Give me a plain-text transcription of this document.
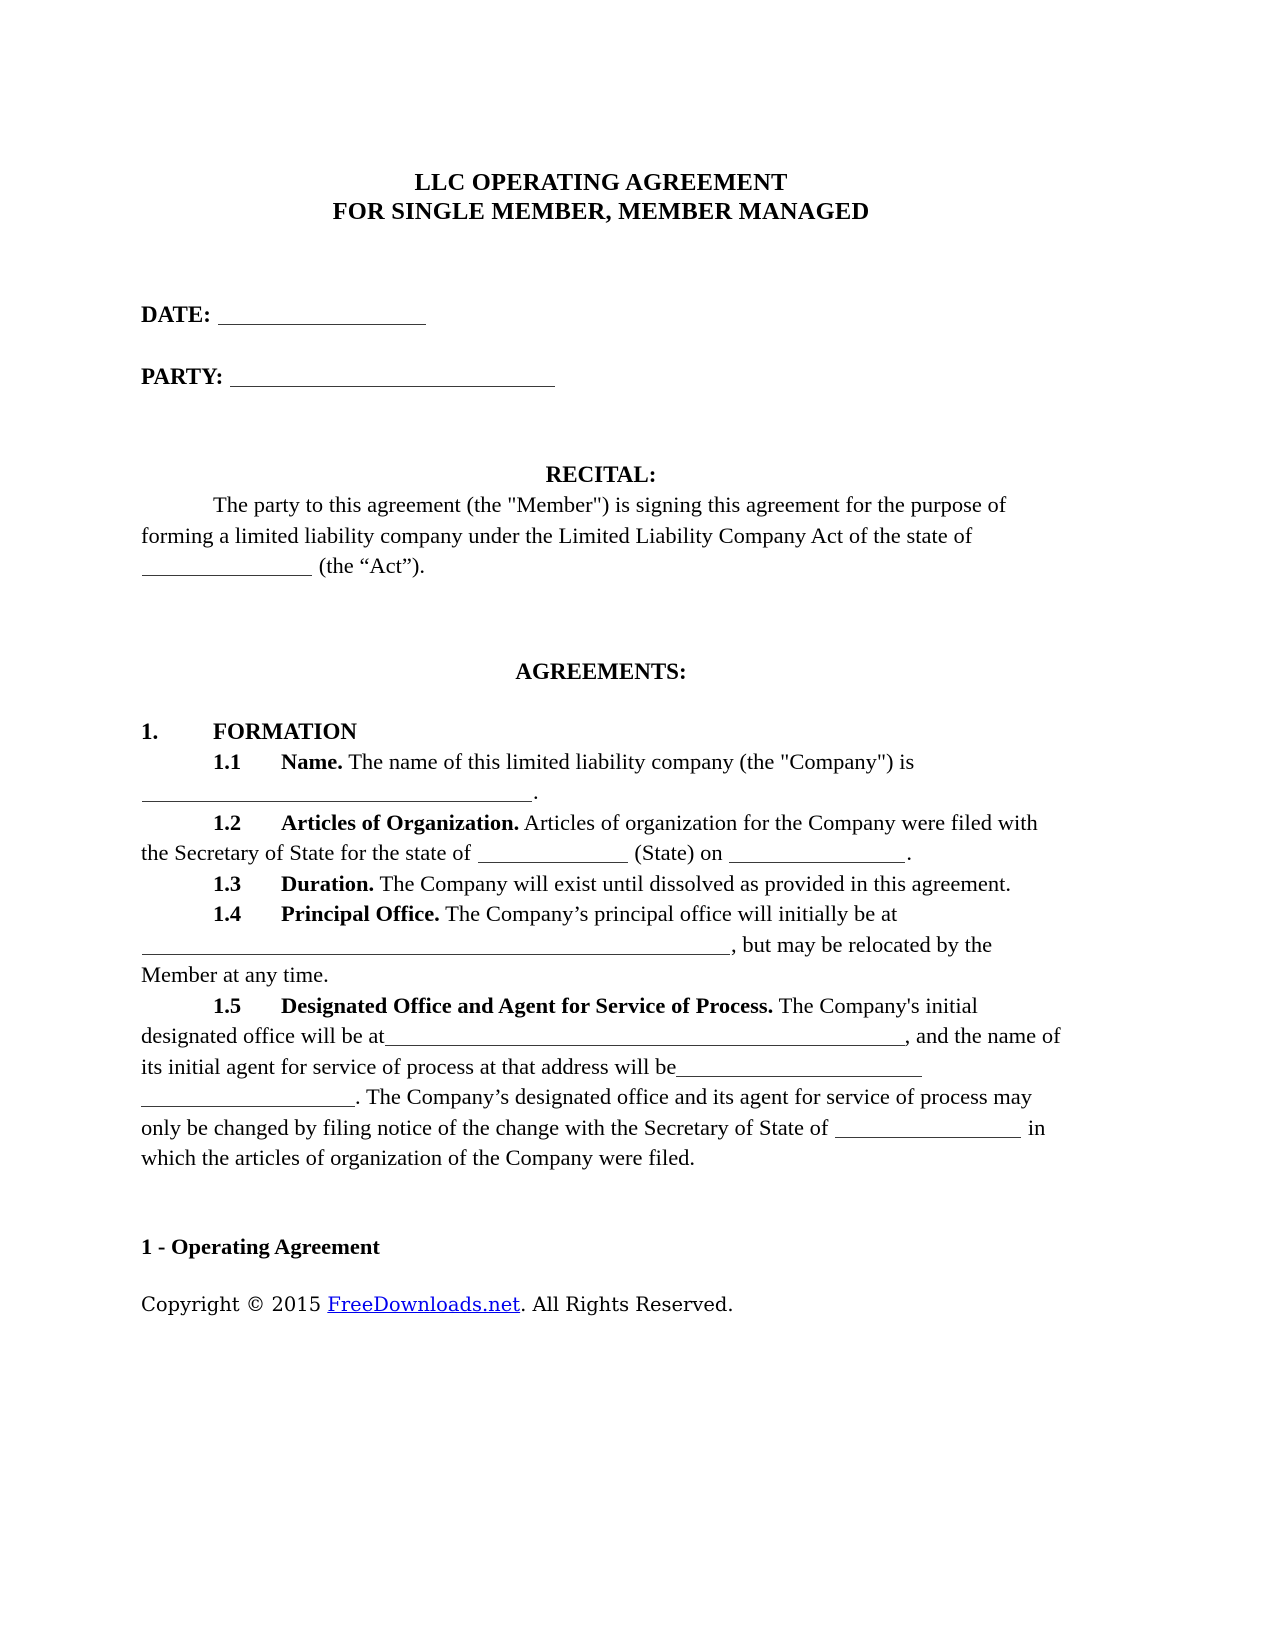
LLC OPERATING AGREEMENT
FOR SINGLE MEMBER, MEMBER MANAGED
DATE:
PARTY:
RECITAL:

The party to this agreement (the "Member") is signing this agreement for the purpose of forming a limited liability company under the Limited Liability Company Act of the state of  (the “Act”).

AGREEMENTS:
1. FORMATION

1.1 Name. The name of this limited liability company (the "Company") is .

1.2 Articles of Organization. Articles of organization for the Company were filed with the Secretary of State for the state of	(State) on	.

1.3 Duration. The Company will exist until dissolved as provided in this agreement.

1.4 Principal Office. The Company’s principal office will initially be at , but may be relocated by the Member at any time.

1.5 Designated Office and Agent for Service of Process. The Company's initial designated office will be at	, and the name of its initial agent for service of process at that address will be . The Company’s designated office and its agent for service of process may only be changed by filing notice of the change with the Secretary of State of	in which the articles of organization of the Company were filed.

1 - Operating Agreement
Copyright © 2015 FreeDownloads.net. All Rights Reserved.
